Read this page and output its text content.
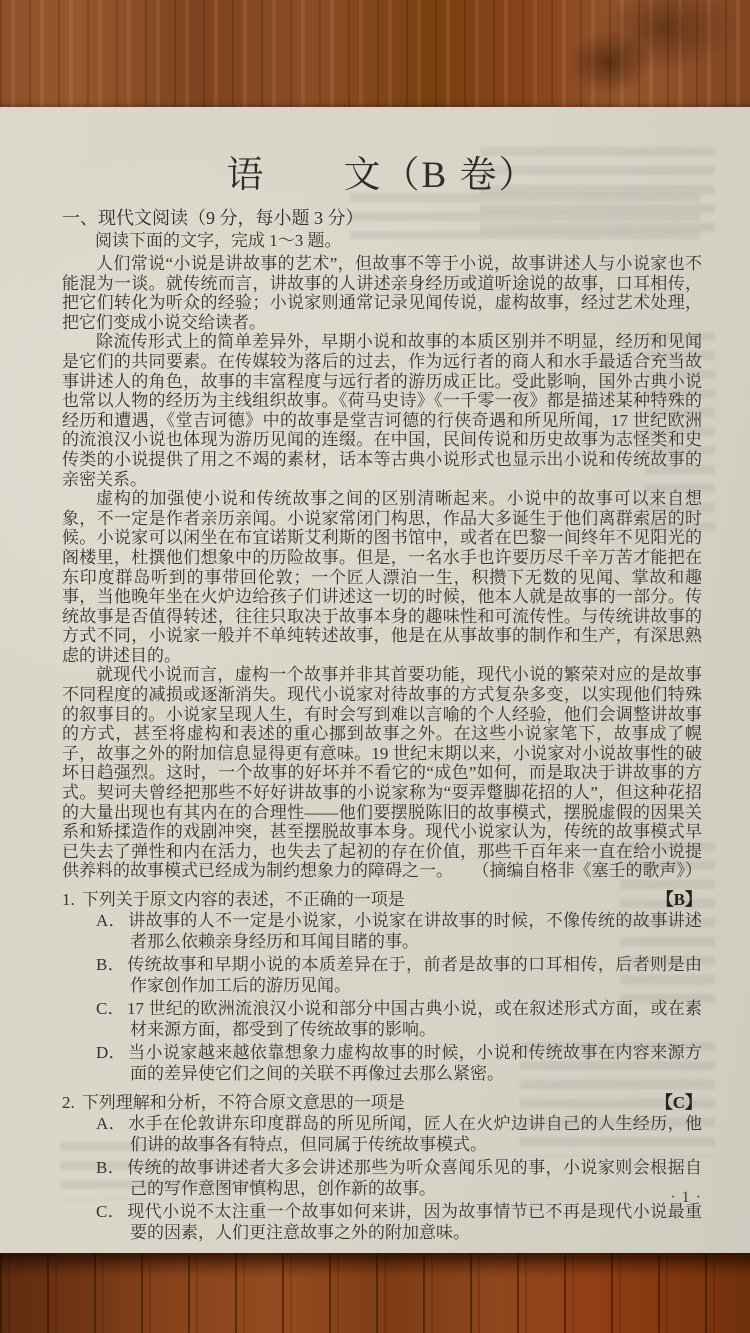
语　　文（B 卷）
一、现代文阅读（9 分，每小题 3 分）
阅读下面的文字，完成 1～3 题。
人们常说“小说是讲故事的艺术”，但故事不等于小说，故事讲述人与小说家也不能混为一谈。就传统而言，讲故事的人讲述亲身经历或道听途说的故事，口耳相传，把它们转化为听众的经验；小说家则通常记录见闻传说，虚构故事，经过艺术处理，把它们变成小说交给读者。
除流传形式上的简单差异外，早期小说和故事的本质区别并不明显，经历和见闻是它们的共同要素。在传媒较为落后的过去，作为远行者的商人和水手最适合充当故事讲述人的角色，故事的丰富程度与远行者的游历成正比。受此影响，国外古典小说也常以人物的经历为主线组织故事。《荷马史诗》《一千零一夜》都是描述某种特殊的经历和遭遇，《堂吉诃德》中的故事是堂吉诃德的行侠奇遇和所见所闻，17 世纪欧洲的流浪汉小说也体现为游历见闻的连缀。在中国，民间传说和历史故事为志怪类和史传类的小说提供了用之不竭的素材，话本等古典小说形式也显示出小说和传统故事的亲密关系。
虚构的加强使小说和传统故事之间的区别清晰起来。小说中的故事可以来自想象，不一定是作者亲历亲闻。小说家常闭门构思，作品大多诞生于他们离群索居的时候。小说家可以闲坐在布宜诺斯艾利斯的图书馆中，或者在巴黎一间终年不见阳光的阁楼里，杜撰他们想象中的历险故事。但是，一名水手也许要历尽千辛万苦才能把在东印度群岛听到的事带回伦敦；一个匠人漂泊一生，积攒下无数的见闻、掌故和趣事，当他晚年坐在火炉边给孩子们讲述这一切的时候，他本人就是故事的一部分。传统故事是否值得转述，往往只取决于故事本身的趣味性和可流传性。与传统讲故事的方式不同，小说家一般并不单纯转述故事，他是在从事故事的制作和生产，有深思熟虑的讲述目的。
就现代小说而言，虚构一个故事并非其首要功能，现代小说的繁荣对应的是故事不同程度的减损或逐渐消失。现代小说家对待故事的方式复杂多变，以实现他们特殊的叙事目的。小说家呈现人生，有时会写到难以言喻的个人经验，他们会调整讲故事的方式，甚至将虚构和表述的重心挪到故事之外。在这些小说家笔下，故事成了幌子，故事之外的附加信息显得更有意味。19 世纪末期以来，小说家对小说故事性的破坏日趋强烈。这时，一个故事的好坏并不看它的“成色”如何，而是取决于讲故事的方式。契诃夫曾经把那些不好好讲故事的小说家称为“耍弄蹩脚花招的人”，但这种花招的大量出现也有其内在的合理性——他们要摆脱陈旧的故事模式，摆脱虚假的因果关系和矫揉造作的戏剧冲突，甚至摆脱故事本身。现代小说家认为，传统的故事模式早已失去了弹性和内在活力，也失去了起初的存在价值，那些千百年来一直在给小说提供养料的故事模式已经成为制约想象力的障碍之一。 （摘编自格非《塞壬的歌声》）
【B】
1. 下列关于原文内容的表述，不正确的一项是
A． 讲故事的人不一定是小说家，小说家在讲故事的时候，不像传统的故事讲述者那么依赖亲身经历和耳闻目睹的事。
B． 传统故事和早期小说的本质差异在于，前者是故事的口耳相传，后者则是由作家创作加工后的游历见闻。
C． 17 世纪的欧洲流浪汉小说和部分中国古典小说，或在叙述形式方面，或在素材来源方面，都受到了传统故事的影响。
D． 当小说家越来越依靠想象力虚构故事的时候，小说和传统故事在内容来源方面的差异使它们之间的关联不再像过去那么紧密。
【C】
2. 下列理解和分析，不符合原文意思的一项是
A． 水手在伦敦讲东印度群岛的所见所闻，匠人在火炉边讲自己的人生经历，他们讲的故事各有特点，但同属于传统故事模式。
B． 传统的故事讲述者大多会讲述那些为听众喜闻乐见的事，小说家则会根据自己的写作意图审慎构思，创作新的故事。
C． 现代小说不太注重一个故事如何来讲，因为故事情节已不再是现代小说最重要的因素，人们更注意故事之外的附加意味。
·1·
